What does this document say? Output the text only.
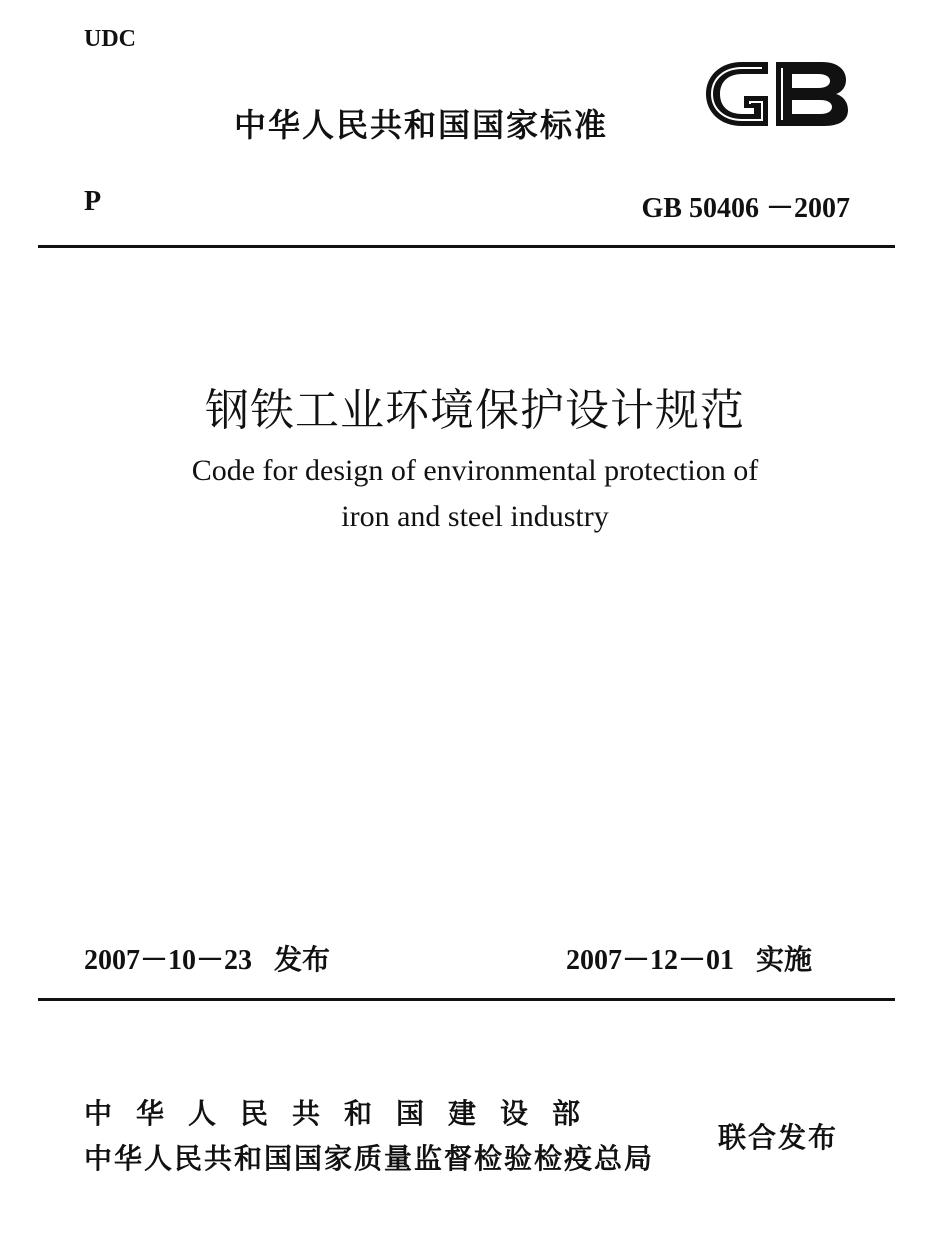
UDC
中华人民共和国国家标准
P	GB 50406 －2007
钢铁工业环境保护设计规范
Code for design of environmental protection of
iron and steel industry
2007－10－23 发布	2007－12－01 实施
中华人民共和国建设部
中华人民共和国国家质量监督检验检疫总局
联合发布
